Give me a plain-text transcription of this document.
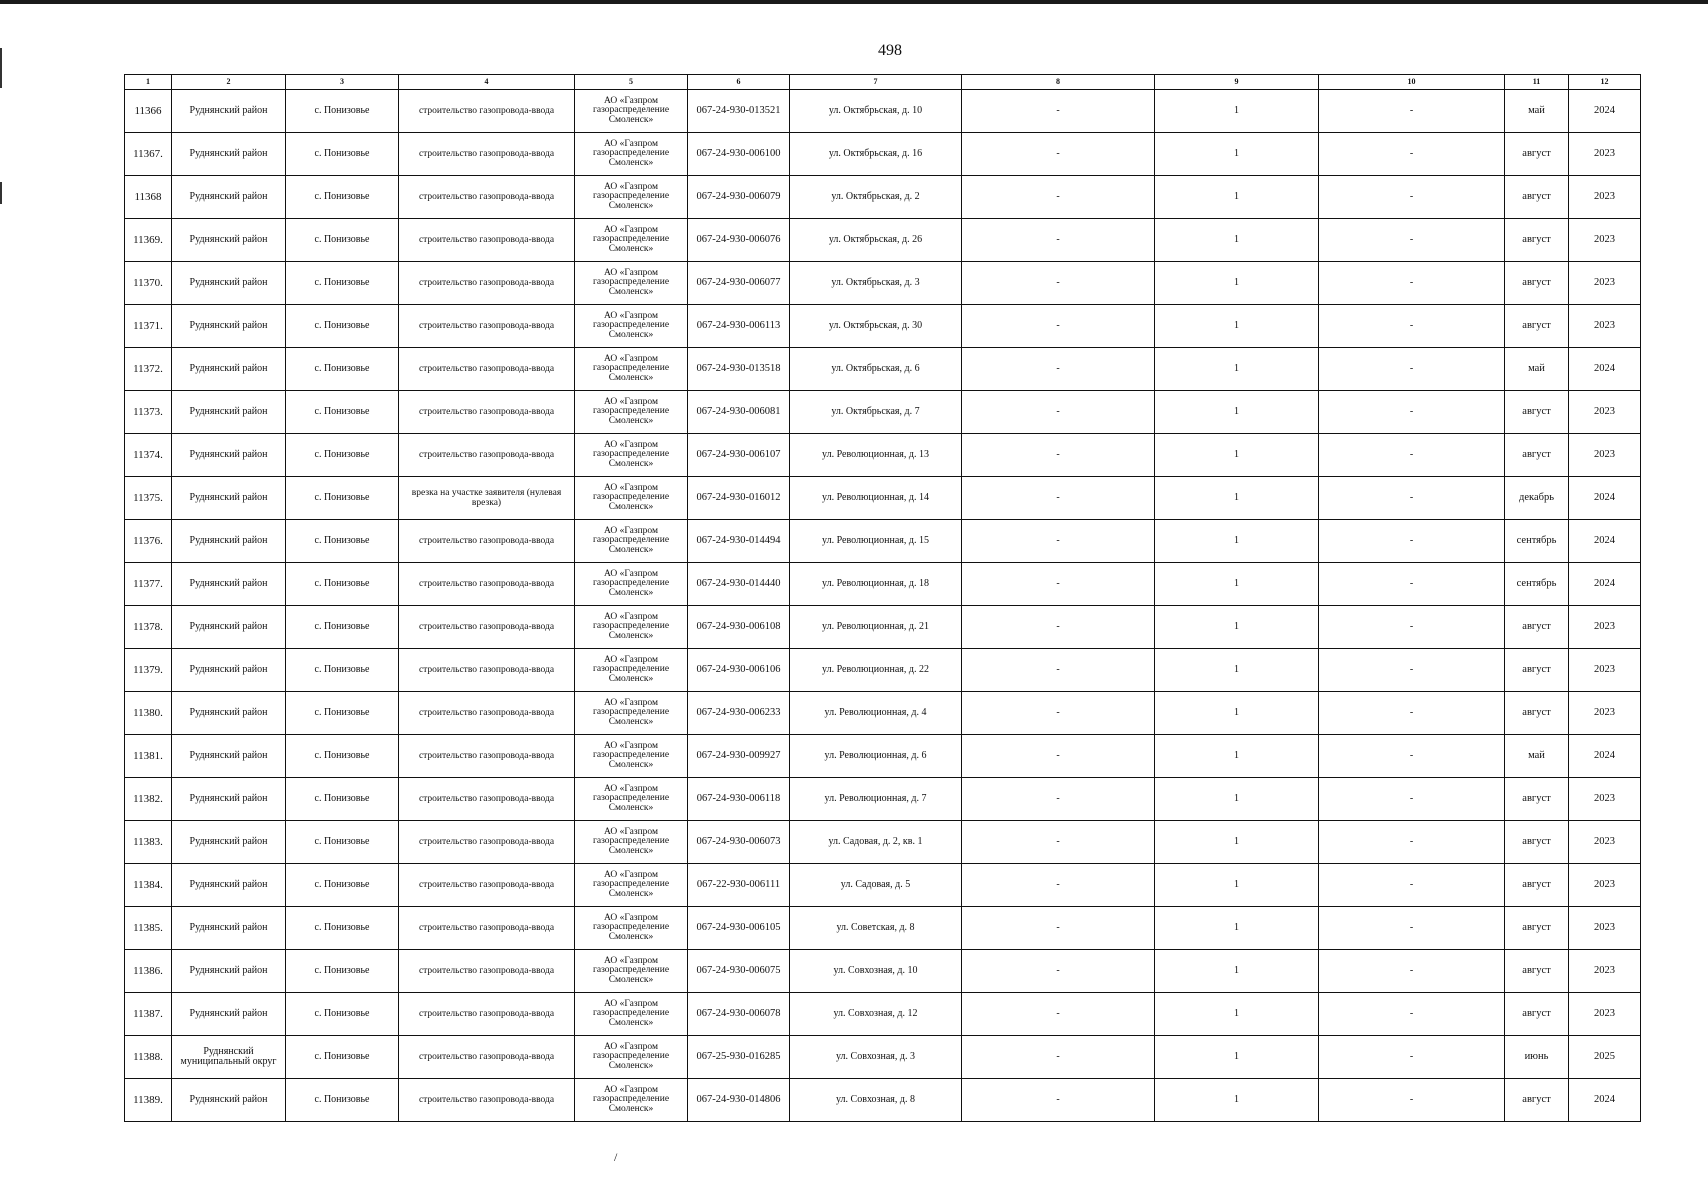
498
1	2	3	4	5	6	7	8	9	10	11	12
11366	Руднянский район	с. Понизовье	строительство газопровода-ввода	АО «Газпром газораспределение Смоленск»	067-24-930-013521	ул. Октябрьская, д. 10	-	1	-	май	2024
11367.	Руднянский район	с. Понизовье	строительство газопровода-ввода	АО «Газпром газораспределение Смоленск»	067-24-930-006100	ул. Октябрьская, д. 16	-	1	-	август	2023
11368	Руднянский район	с. Понизовье	строительство газопровода-ввода	АО «Газпром газораспределение Смоленск»	067-24-930-006079	ул. Октябрьская, д. 2	-	1	-	август	2023
11369.	Руднянский район	с. Понизовье	строительство газопровода-ввода	АО «Газпром газораспределение Смоленск»	067-24-930-006076	ул. Октябрьская, д. 26	-	1	-	август	2023
11370.	Руднянский район	с. Понизовье	строительство газопровода-ввода	АО «Газпром газораспределение Смоленск»	067-24-930-006077	ул. Октябрьская, д. 3	-	1	-	август	2023
11371.	Руднянский район	с. Понизовье	строительство газопровода-ввода	АО «Газпром газораспределение Смоленск»	067-24-930-006113	ул. Октябрьская, д. 30	-	1	-	август	2023
11372.	Руднянский район	с. Понизовье	строительство газопровода-ввода	АО «Газпром газораспределение Смоленск»	067-24-930-013518	ул. Октябрьская, д. 6	-	1	-	май	2024
11373.	Руднянский район	с. Понизовье	строительство газопровода-ввода	АО «Газпром газораспределение Смоленск»	067-24-930-006081	ул. Октябрьская, д. 7	-	1	-	август	2023
11374.	Руднянский район	с. Понизовье	строительство газопровода-ввода	АО «Газпром газораспределение Смоленск»	067-24-930-006107	ул. Революционная, д. 13	-	1	-	август	2023
11375.	Руднянский район	с. Понизовье	врезка на участке заявителя (нулевая врезка)	АО «Газпром газораспределение Смоленск»	067-24-930-016012	ул. Революционная, д. 14	-	1	-	декабрь	2024
11376.	Руднянский район	с. Понизовье	строительство газопровода-ввода	АО «Газпром газораспределение Смоленск»	067-24-930-014494	ул. Революционная, д. 15	-	1	-	сентябрь	2024
11377.	Руднянский район	с. Понизовье	строительство газопровода-ввода	АО «Газпром газораспределение Смоленск»	067-24-930-014440	ул. Революционная, д. 18	-	1	-	сентябрь	2024
11378.	Руднянский район	с. Понизовье	строительство газопровода-ввода	АО «Газпром газораспределение Смоленск»	067-24-930-006108	ул. Революционная, д. 21	-	1	-	август	2023
11379.	Руднянский район	с. Понизовье	строительство газопровода-ввода	АО «Газпром газораспределение Смоленск»	067-24-930-006106	ул. Революционная, д. 22	-	1	-	август	2023
11380.	Руднянский район	с. Понизовье	строительство газопровода-ввода	АО «Газпром газораспределение Смоленск»	067-24-930-006233	ул. Революционная, д. 4	-	1	-	август	2023
11381.	Руднянский район	с. Понизовье	строительство газопровода-ввода	АО «Газпром газораспределение Смоленск»	067-24-930-009927	ул. Революционная, д. 6	-	1	-	май	2024
11382.	Руднянский район	с. Понизовье	строительство газопровода-ввода	АО «Газпром газораспределение Смоленск»	067-24-930-006118	ул. Революционная, д. 7	-	1	-	август	2023
11383.	Руднянский район	с. Понизовье	строительство газопровода-ввода	АО «Газпром газораспределение Смоленск»	067-24-930-006073	ул. Садовая, д. 2, кв. 1	-	1	-	август	2023
11384.	Руднянский район	с. Понизовье	строительство газопровода-ввода	АО «Газпром газораспределение Смоленск»	067-22-930-006111	ул. Садовая, д. 5	-	1	-	август	2023
11385.	Руднянский район	с. Понизовье	строительство газопровода-ввода	АО «Газпром газораспределение Смоленск»	067-24-930-006105	ул. Советская, д. 8	-	1	-	август	2023
11386.	Руднянский район	с. Понизовье	строительство газопровода-ввода	АО «Газпром газораспределение Смоленск»	067-24-930-006075	ул. Совхозная, д. 10	-	1	-	август	2023
11387.	Руднянский район	с. Понизовье	строительство газопровода-ввода	АО «Газпром газораспределение Смоленск»	067-24-930-006078	ул. Совхозная, д. 12	-	1	-	август	2023
11388.	Руднянский муниципальный округ	с. Понизовье	строительство газопровода-ввода	АО «Газпром газораспределение Смоленск»	067-25-930-016285	ул. Совхозная, д. 3	-	1	-	июнь	2025
11389.	Руднянский район	с. Понизовье	строительство газопровода-ввода	АО «Газпром газораспределение Смоленск»	067-24-930-014806	ул. Совхозная, д. 8	-	1	-	август	2024
/
